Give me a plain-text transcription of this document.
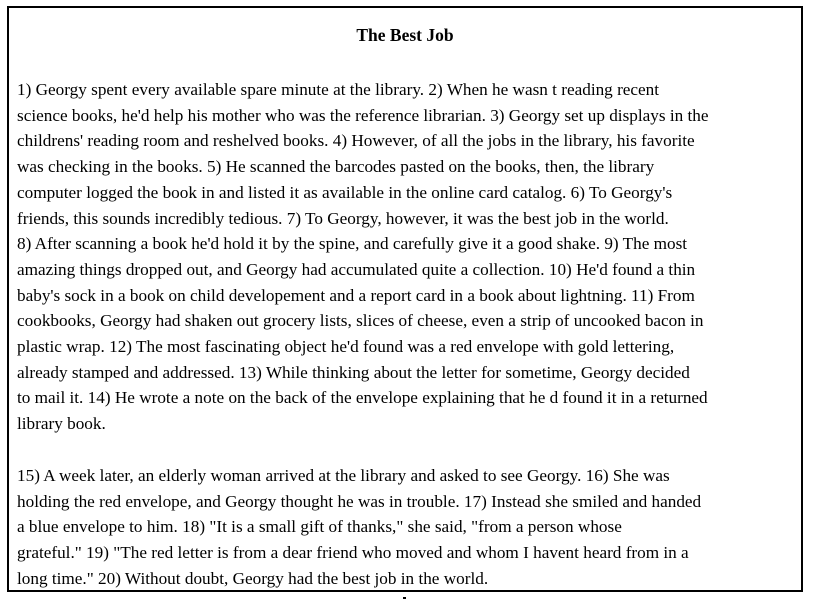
The Best Job
1) Georgy spent every available spare minute at the library. 2) When he wasn t reading recent
science books, he'd help his mother who was the reference librarian. 3) Georgy set up displays in the
childrens' reading room and reshelved books. 4) However, of all the jobs in the library, his favorite
was checking in the books. 5) He scanned the barcodes pasted on the books, then, the library
computer logged the book in and listed it as available in the online card catalog. 6) To Georgy's
friends, this sounds incredibly tedious. 7) To Georgy, however, it was the best job in the world.
8) After scanning a book he'd hold it by the spine, and carefully give it a good shake. 9) The most
amazing things dropped out, and Georgy had accumulated quite a collection. 10) He'd found a thin
baby's sock in a book on child developement and a report card in a book about lightning. 11) From
cookbooks, Georgy had shaken out grocery lists, slices of cheese, even a strip of uncooked bacon in
plastic wrap. 12) The most fascinating object he'd found was a red envelope with gold lettering,
already stamped and addressed. 13) While thinking about the letter for sometime, Georgy decided
to mail it. 14) He wrote a note on the back of the envelope explaining that he d found it in a returned
library book.
15) A week later, an elderly woman arrived at the library and asked to see Georgy. 16) She was
holding the red envelope, and Georgy thought he was in trouble. 17) Instead she smiled and handed
a blue envelope to him. 18) "It is a small gift of thanks," she said, "from a person whose
grateful." 19) "The red letter is from a dear friend who moved and whom I havent heard from in a
long time." 20) Without doubt, Georgy had the best job in the world.
